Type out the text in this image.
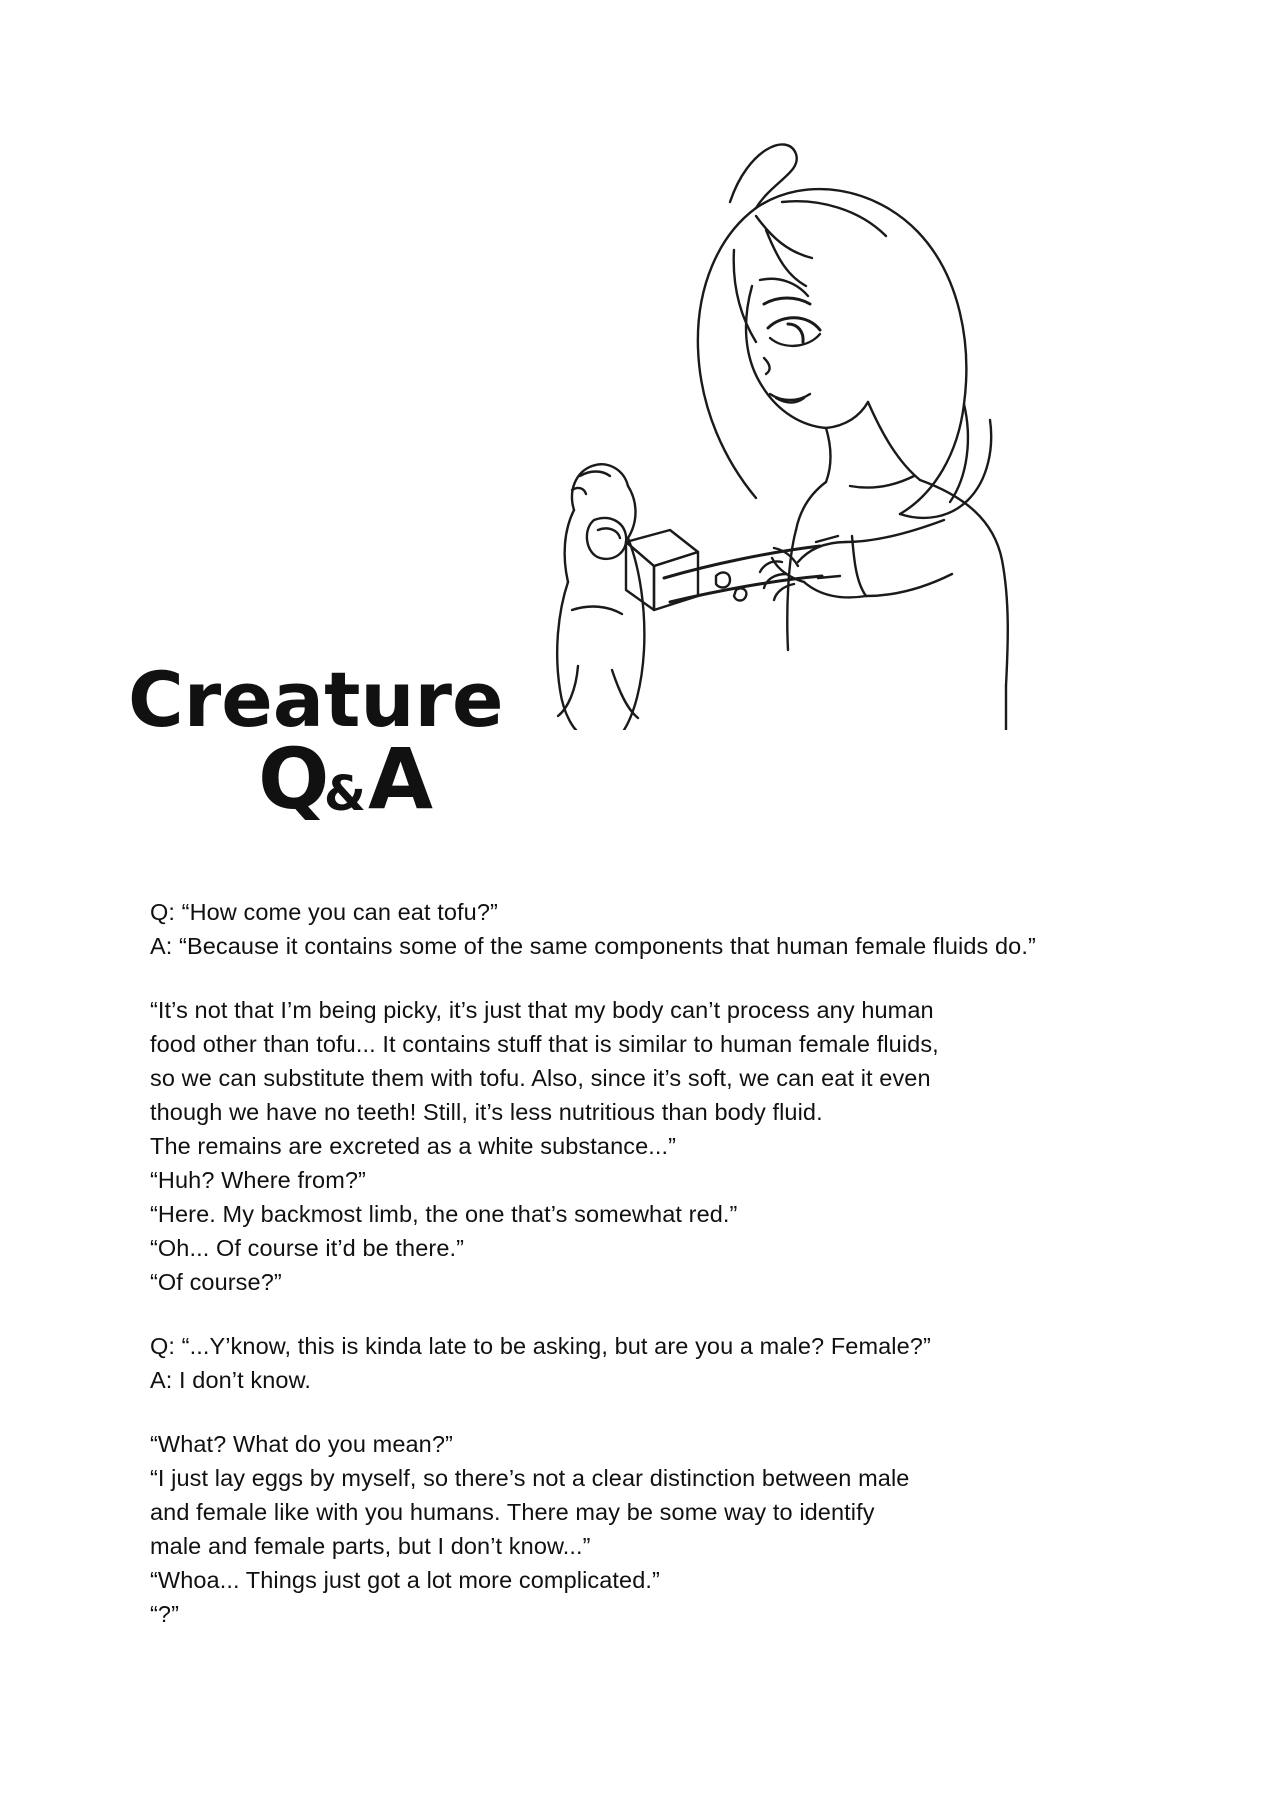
Creature
Q
& A

Q: “How come you can eat tofu?”
A: “Because it contains some of the same components that human female fluids do.”

“It’s not that I’m being picky, it’s just that my body can’t process any human
food other than tofu... It contains stuff that is similar to human female fluids,
so we can substitute them with tofu. Also, since it’s soft, we can eat it even
though we have no teeth! Still, it’s less nutritious than body fluid.
The remains are excreted as a white substance...”
“Huh? Where from?”
“Here. My backmost limb, the one that’s somewhat red.”
“Oh... Of course it’d be there.”
“Of course?”

Q: “...Y’know, this is kinda late to be asking, but are you a male? Female?”
A: I don’t know.

“What? What do you mean?”
“I just lay eggs by myself, so there’s not a clear distinction between male
and female like with you humans. There may be some way to identify
male and female parts, but I don’t know...”
“Whoa... Things just got a lot more complicated.”
“?”
